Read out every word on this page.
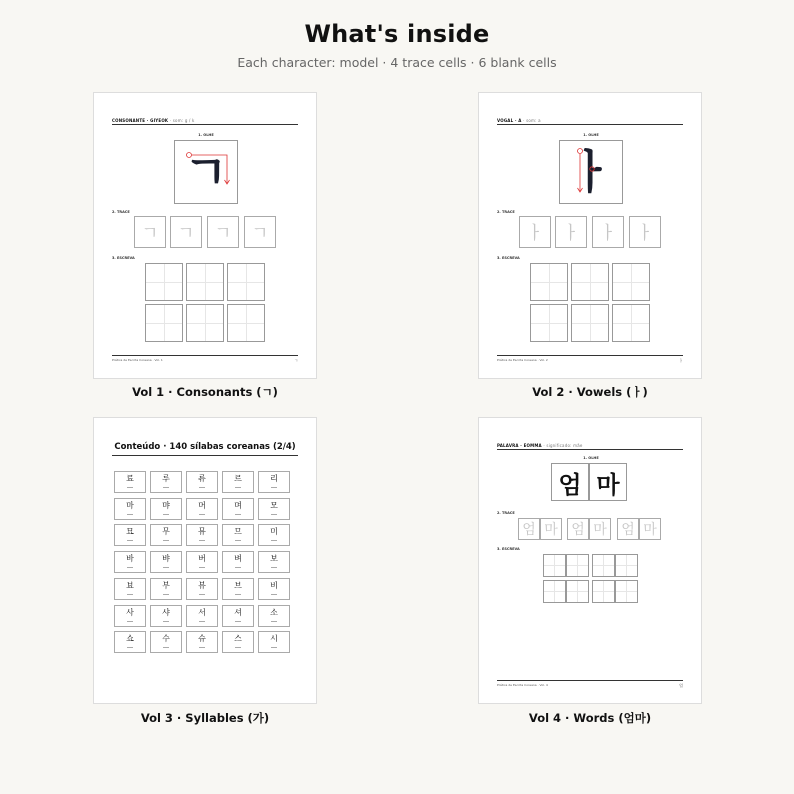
What's inside
Each character: model · 4 trace cells · 6 blank cells
CONSONANTE · GIYEOK · som: g / k
1. OLHE
ㄱ
2. TRACE
ㄱ	ㄱ	ㄱ	ㄱ
3. ESCREVA
Prática de Escrita Coreana · Vol. 1	ㄱ
Vol 1 · Consonants (ㄱ)
VOGAL · A · som: a
1. OLHE
ㅏ
2. TRACE
ㅏ	ㅏ	ㅏ	ㅏ
3. ESCREVA
Prática de Escrita Coreana · Vol. 2	ㅏ
Vol 2 · Vowels (ㅏ)
Conteúdo · 140 sílabas coreanas (2/4)
료	루	류	르	리
마	먀	머	며	모
묘	무	뮤	므	미
바	뱌	버	벼	보
뵤	부	뷰	브	비
사	샤	서	셔	소
쇼	수	슈	스	시
Vol 3 · Syllables (가)
PALAVRA · EOMMA · significado: mãe
1. OLHE
엄 마
2. TRACE
엄 마 엄 마	엄 마
3. ESCREVA
Prática de Escrita Coreana · Vol. 4	엄
Vol 4 · Words (엄마)
